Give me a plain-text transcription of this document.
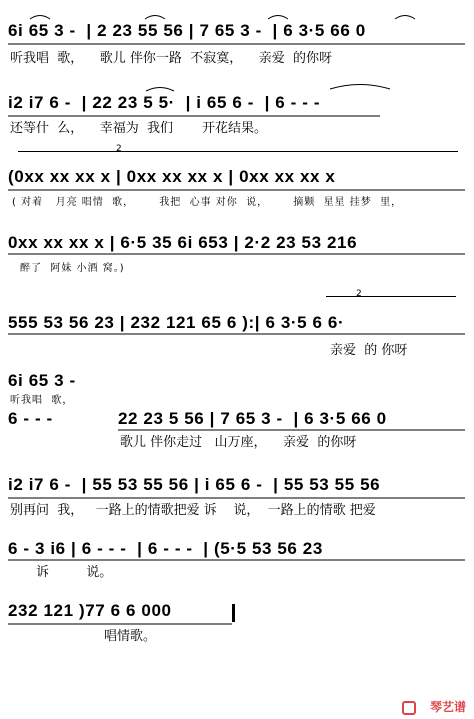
6i 65 3 -  | 2 23 55 56 | 7 65 3 -  | 6 3·5 66 0
听我唱  歌，    歌儿 伴你一路  不寂寞，    亲爱  的你呀
i2 i7 6 -  | 22 23 5 5·  | i 65 6 -  | 6 - - -
还等什  么，    幸福为  我们       开花结果。
2
(0xx xx xx x | 0xx xx xx x | 0xx xx xx x
( 对着   月亮 唱情  歌，      我把  心事 对你  说，      摘颗  星星 挂梦  里，
0xx xx xx x | 6·5 35 6i 653 | 2·2 23 53 216
醉了  阿妹 小酒 窝。)
2
555 53 56 23 | 232 121 65 6 ):| 6 3·5 6 6·
亲爱  的 你呀
6i 65 3 -
听我唱  歌，
6 - - -	22 23 5 56 | 7 65 3 -  | 6 3·5 66 0
歌儿 伴你走过   山万座，    亲爱  的你呀
i2 i7 6 -  | 55 53 55 56 | i 65 6 -  | 55 53 55 56
别再问  我，   一路上的情歌把爱 诉    说，  一路上的情歌 把爱
6 - 3 i6 | 6 - - -  | 6 - - -  | (5·5 53 56 23
诉         说。
232 121 )77 6 6 000
唱情歌。
琴艺谱
